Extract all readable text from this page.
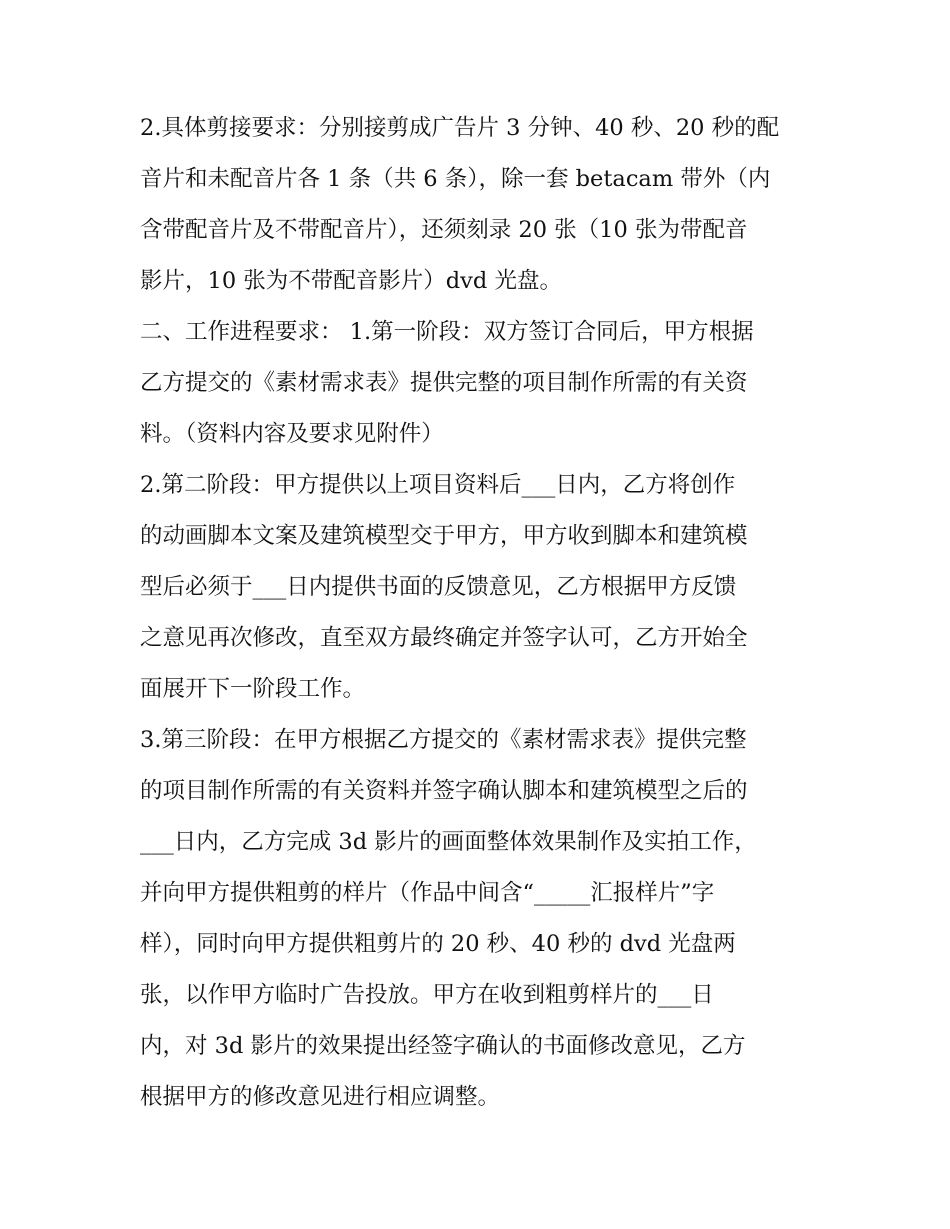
2.具体剪接要求：分别接剪成广告片 3 分钟、40 秒、20 秒的配
音片和未配音片各 1 条（共 6 条），除一套 betacam 带外（内
含带配音片及不带配音片），还须刻录 20 张（10 张为带配音
影片，10 张为不带配音影片）dvd 光盘。
二、工作进程要求： 1.第一阶段：双方签订合同后，甲方根据
乙方提交的《素材需求表》提供完整的项目制作所需的有关资
料。（资料内容及要求见附件）
2.第二阶段：甲方提供以上项目资料后___日内，乙方将创作
的动画脚本文案及建筑模型交于甲方，甲方收到脚本和建筑模
型后必须于___日内提供书面的反馈意见，乙方根据甲方反馈
之意见再次修改，直至双方最终确定并签字认可，乙方开始全
面展开下一阶段工作。
3.第三阶段：在甲方根据乙方提交的《素材需求表》提供完整
的项目制作所需的有关资料并签字确认脚本和建筑模型之后的
___日内，乙方完成 3d 影片的画面整体效果制作及实拍工作，
并向甲方提供粗剪的样片（作品中间含“_____汇报样片”字
样），同时向甲方提供粗剪片的 20 秒、40 秒的 dvd 光盘两
张，以作甲方临时广告投放。甲方在收到粗剪样片的___日
内，对 3d 影片的效果提出经签字确认的书面修改意见，乙方
根据甲方的修改意见进行相应调整。
